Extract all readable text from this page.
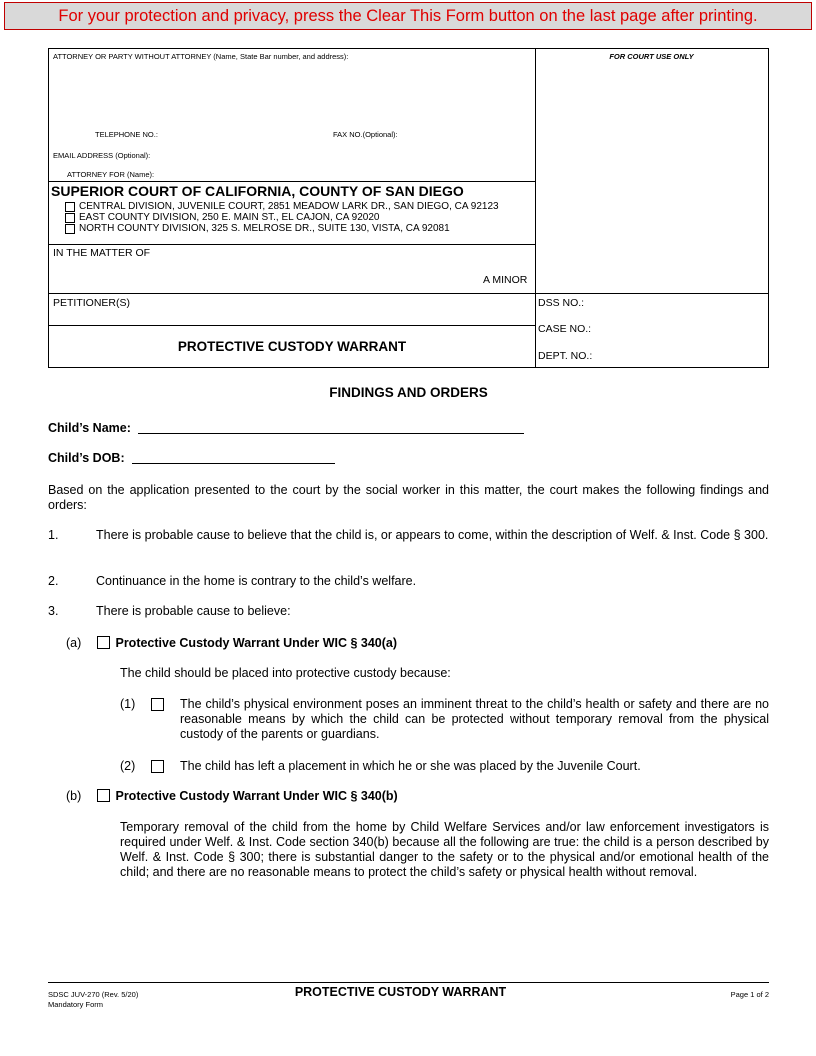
For your protection and privacy, press the Clear This Form button on the last page after printing.
ATTORNEY OR PARTY WITHOUT ATTORNEY (Name, State Bar number, and address):	FOR COURT USE ONLY
TELEPHONE NO.:	FAX NO.(Optional):
EMAIL ADDRESS (Optional):
ATTORNEY FOR (Name):
SUPERIOR COURT OF CALIFORNIA, COUNTY OF SAN DIEGO
CENTRAL DIVISION, JUVENILE COURT, 2851 MEADOW LARK DR., SAN DIEGO, CA 92123
EAST COUNTY DIVISION, 250 E. MAIN ST., EL CAJON, CA 92020
NORTH COUNTY DIVISION, 325 S. MELROSE DR., SUITE 130, VISTA, CA 92081
IN THE MATTER OF
A MINOR
PETITIONER(S)
PROTECTIVE CUSTODY WARRANT
DSS NO.:
CASE NO.:
DEPT. NO.:
FINDINGS AND ORDERS
Child’s Name:
Child’s DOB:
Based on the application presented to the court by the social worker in this matter, the court makes the following findings and orders:
1.	There is probable cause to believe that the child is, or appears to come, within the description of Welf. & Inst. Code § 300.
2.	Continuance in the home is contrary to the child’s welfare.
3.	There is probable cause to believe:
(a)	Protective Custody Warrant Under WIC § 340(a)
The child should be placed into protective custody because:
(1)	The child’s physical environment poses an imminent threat to the child’s health or safety and there are no reasonable means by which the child can be protected without temporary removal from the physical custody of the parents or guardians.
(2)	The child has left a placement in which he or she was placed by the Juvenile Court.
(b)	Protective Custody Warrant Under WIC § 340(b)
Temporary removal of the child from the home by Child Welfare Services and/or law enforcement investigators is required under Welf. & Inst. Code section 340(b) because all the following are true: the child is a person described by Welf. & Inst. Code § 300; there is substantial danger to the safety or to the physical and/or emotional health of the child; and there are no reasonable means to protect the child’s safety or physical health without removal.
SDSC JUV-270 (Rev. 5/20)
Mandatory Form
PROTECTIVE CUSTODY WARRANT	Page 1 of 2
